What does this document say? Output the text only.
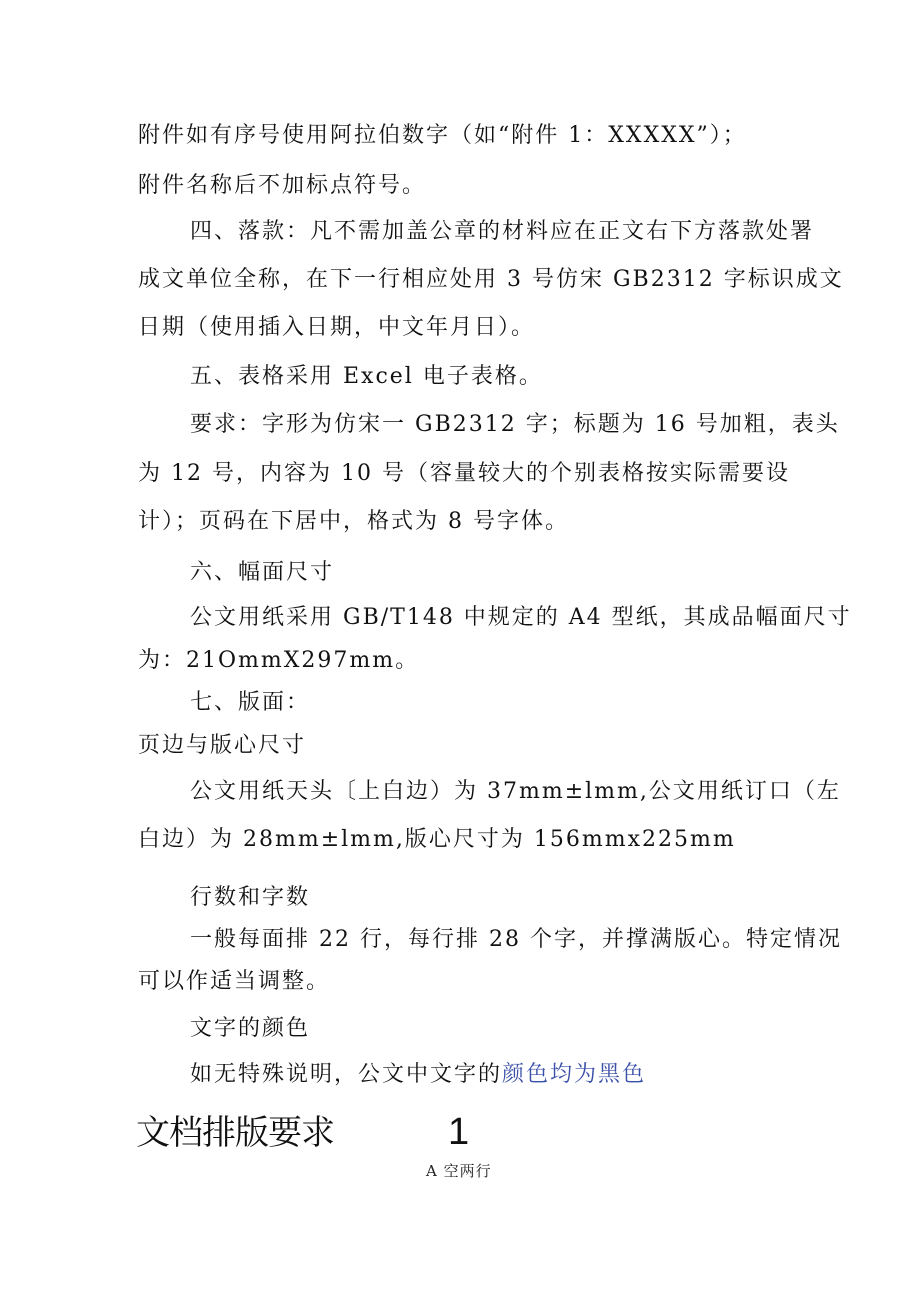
附件如有序号使用阿拉伯数字（如“附件 1：XXXXX”）；
附件名称后不加标点符号。
四、落款：凡不需加盖公章的材料应在正文右下方落款处署
成文单位全称，在下一行相应处用 3 号仿宋 GB2312 字标识成文
日期（使用插入日期，中文年月日）。
五、表格采用 Excel 电子表格。
要求：字形为仿宋一 GB2312 字；标题为 16 号加粗，表头
为 12 号，内容为 10 号（容量较大的个别表格按实际需要设
计）；页码在下居中，格式为 8 号字体。
六、幅面尺寸
公文用纸采用 GB/T148 中规定的 A4 型纸，其成品幅面尺寸
为：21OmmX297mm。
七、版面：
页边与版心尺寸
公文用纸天头〔上白边）为 37mm±lmm,公文用纸订口（左
白边）为 28mm±lmm,版心尺寸为 156mmx225mm
行数和字数
一般每面排 22 行，每行排 28 个字，并撑满版心。特定情况
可以作适当调整。
文字的颜色
如无特殊说明，公文中文字的颜色均为黑色
文档排版要求	1
A 空两行
